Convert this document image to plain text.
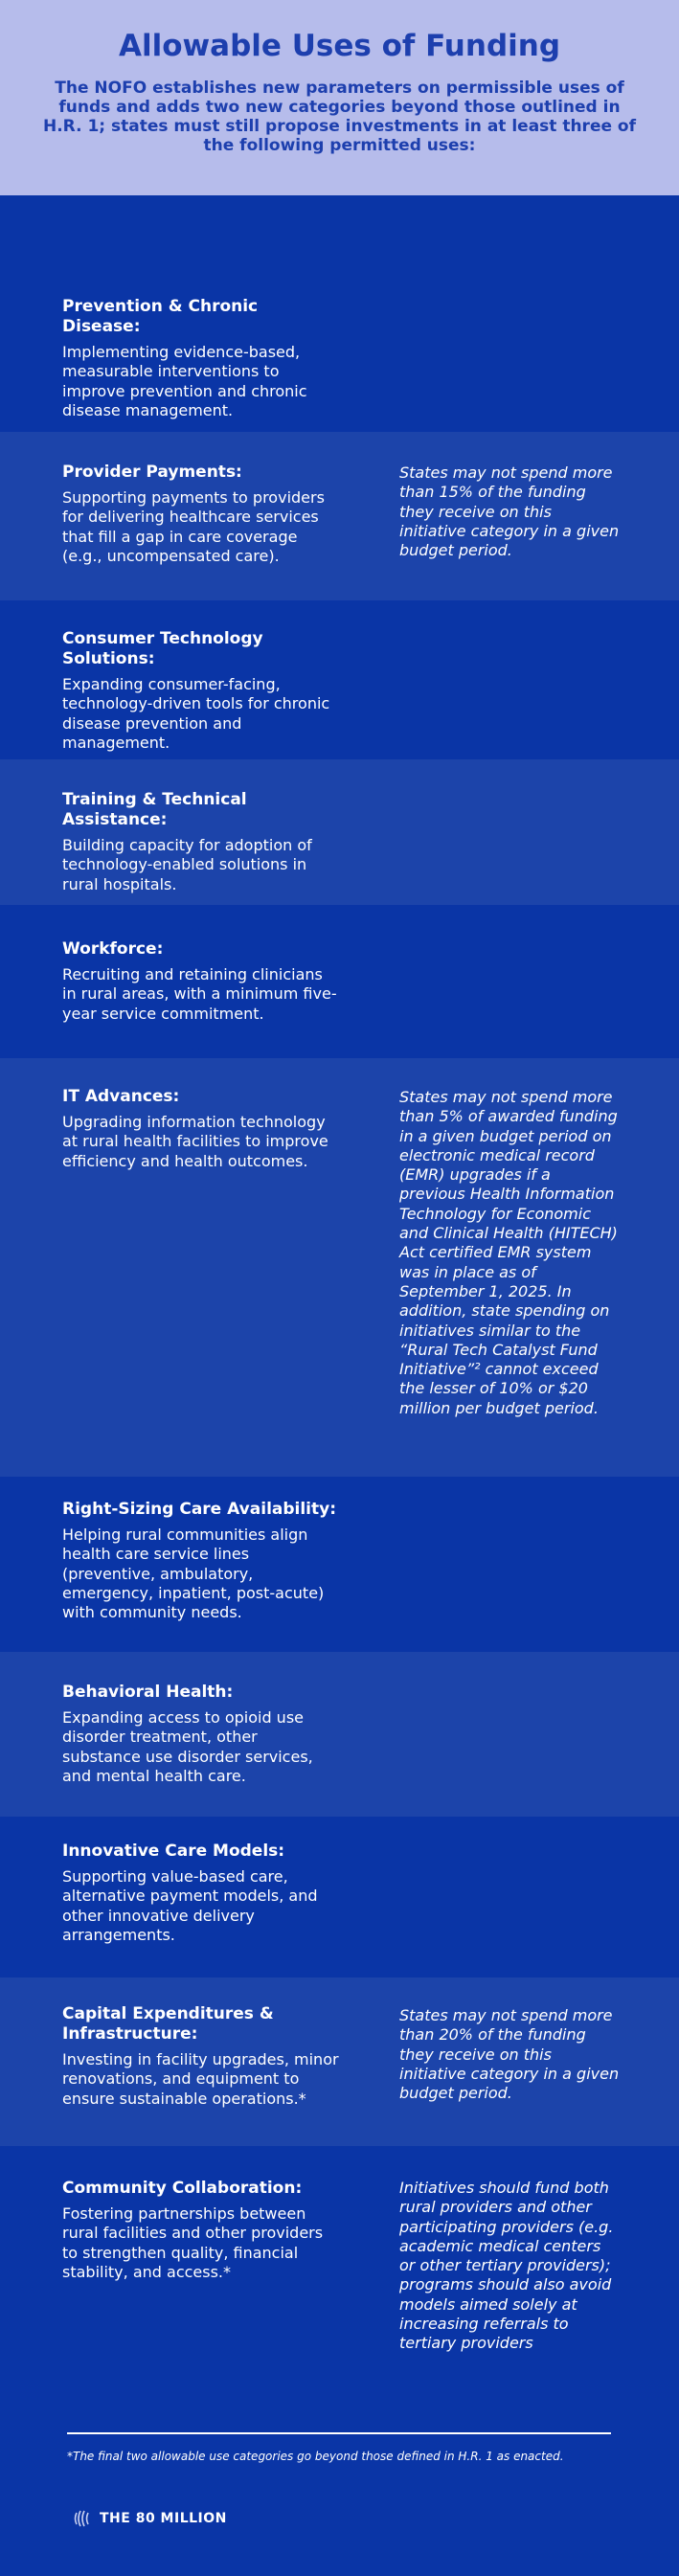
Allowable Uses of Funding

The NOFO establishes new parameters on permissible uses of funds and adds two new categories beyond those outlined in H.R. 1; states must still propose investments in at least three of the following permitted uses:

Prevention & Chronic Disease:
Implementing evidence-based, measurable interventions to improve prevention and chronic disease management.
Provider Payments:
Supporting payments to providers for delivering healthcare services that fill a gap in care coverage (e.g., uncompensated care).

States may not spend more than 15% of the funding they receive on this initiative category in a given budget period.

Consumer Technology Solutions:
Expanding consumer-facing, technology-driven tools for chronic disease prevention and management.
Training & Technical Assistance:
Building capacity for adoption of technology-enabled solutions in rural hospitals.
Workforce:
Recruiting and retaining clinicians in rural areas, with a minimum five-year service commitment.
IT Advances:
Upgrading information technology at rural health facilities to improve efficiency and health outcomes.

States may not spend more than 5% of awarded funding in a given budget period on electronic medical record (EMR) upgrades if a previous Health Information Technology for Economic and Clinical Health (HITECH) Act certified EMR system was in place as of September 1, 2025. In addition, state spending on initiatives similar to the “Rural Tech Catalyst Fund Initiative”² cannot exceed the lesser of 10% or $20 million per budget period.

Right-Sizing Care Availability:
Helping rural communities align health care service lines (preventive, ambulatory, emergency, inpatient, post-acute) with community needs.
Behavioral Health:
Expanding access to opioid use disorder treatment, other substance use disorder services, and mental health care.
Innovative Care Models:
Supporting value-based care, alternative payment models, and other innovative delivery arrangements.
Capital Expenditures & Infrastructure:
Investing in facility upgrades, minor renovations, and equipment to ensure sustainable operations.*

States may not spend more than 20% of the funding they receive on this initiative category in a given budget period.

Community Collaboration:
Fostering partnerships between rural facilities and other providers to strengthen quality, financial stability, and access.*

Initiatives should fund both rural providers and other participating providers (e.g. academic medical centers or other tertiary providers); programs should also avoid models aimed solely at increasing referrals to tertiary providers

*The final two allowable use categories go beyond those defined in H.R. 1 as enacted.
THE 80 MILLION
